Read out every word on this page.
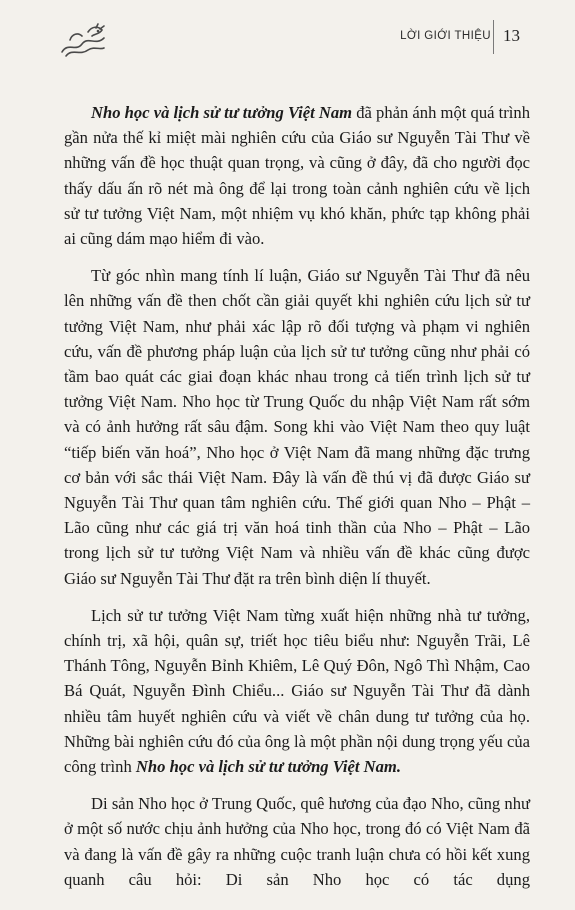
LỜI GIỚI THIỆU 13

Nho học và lịch sử tư tưởng Việt Nam đã phản ánh một quá trình gần nửa thế kỉ miệt mài nghiên cứu của Giáo sư Nguyễn Tài Thư về những vấn đề học thuật quan trọng, và cũng ở đây, đã cho người đọc thấy dấu ấn rõ nét mà ông để lại trong toàn cảnh nghiên cứu về lịch sử tư tưởng Việt Nam, một nhiệm vụ khó khăn, phức tạp không phải ai cũng dám mạo hiểm đi vào.

Từ góc nhìn mang tính lí luận, Giáo sư Nguyễn Tài Thư đã nêu lên những vấn đề then chốt cần giải quyết khi nghiên cứu lịch sử tư tưởng Việt Nam, như phải xác lập rõ đối tượng và phạm vi nghiên cứu, vấn đề phương pháp luận của lịch sử tư tưởng cũng như phải có tầm bao quát các giai đoạn khác nhau trong cả tiến trình lịch sử tư tưởng Việt Nam. Nho học từ Trung Quốc du nhập Việt Nam rất sớm và có ảnh hưởng rất sâu đậm. Song khi vào Việt Nam theo quy luật “tiếp biến văn hoá”, Nho học ở Việt Nam đã mang những đặc trưng cơ bản với sắc thái Việt Nam. Đây là vấn đề thú vị đã được Giáo sư Nguyễn Tài Thư quan tâm nghiên cứu. Thế giới quan Nho – Phật – Lão cũng như các giá trị văn hoá tinh thần của Nho – Phật – Lão trong lịch sử tư tưởng Việt Nam và nhiều vấn đề khác cũng được Giáo sư Nguyễn Tài Thư đặt ra trên bình diện lí thuyết.

Lịch sử tư tưởng Việt Nam từng xuất hiện những nhà tư tưởng, chính trị, xã hội, quân sự, triết học tiêu biểu như: Nguyễn Trãi, Lê Thánh Tông, Nguyễn Bỉnh Khiêm, Lê Quý Đôn, Ngô Thì Nhậm, Cao Bá Quát, Nguyễn Đình Chiểu... Giáo sư Nguyễn Tài Thư đã dành nhiều tâm huyết nghiên cứu và viết về chân dung tư tưởng của họ. Những bài nghiên cứu đó của ông là một phần nội dung trọng yếu của công trình Nho học và lịch sử tư tưởng Việt Nam.

Di sản Nho học ở Trung Quốc, quê hương của đạo Nho, cũng như ở một số nước chịu ảnh hưởng của Nho học, trong đó có Việt Nam đã và đang là vấn đề gây ra những cuộc tranh luận chưa có hồi kết xung quanh câu hỏi: Di sản Nho học có tác dụng
